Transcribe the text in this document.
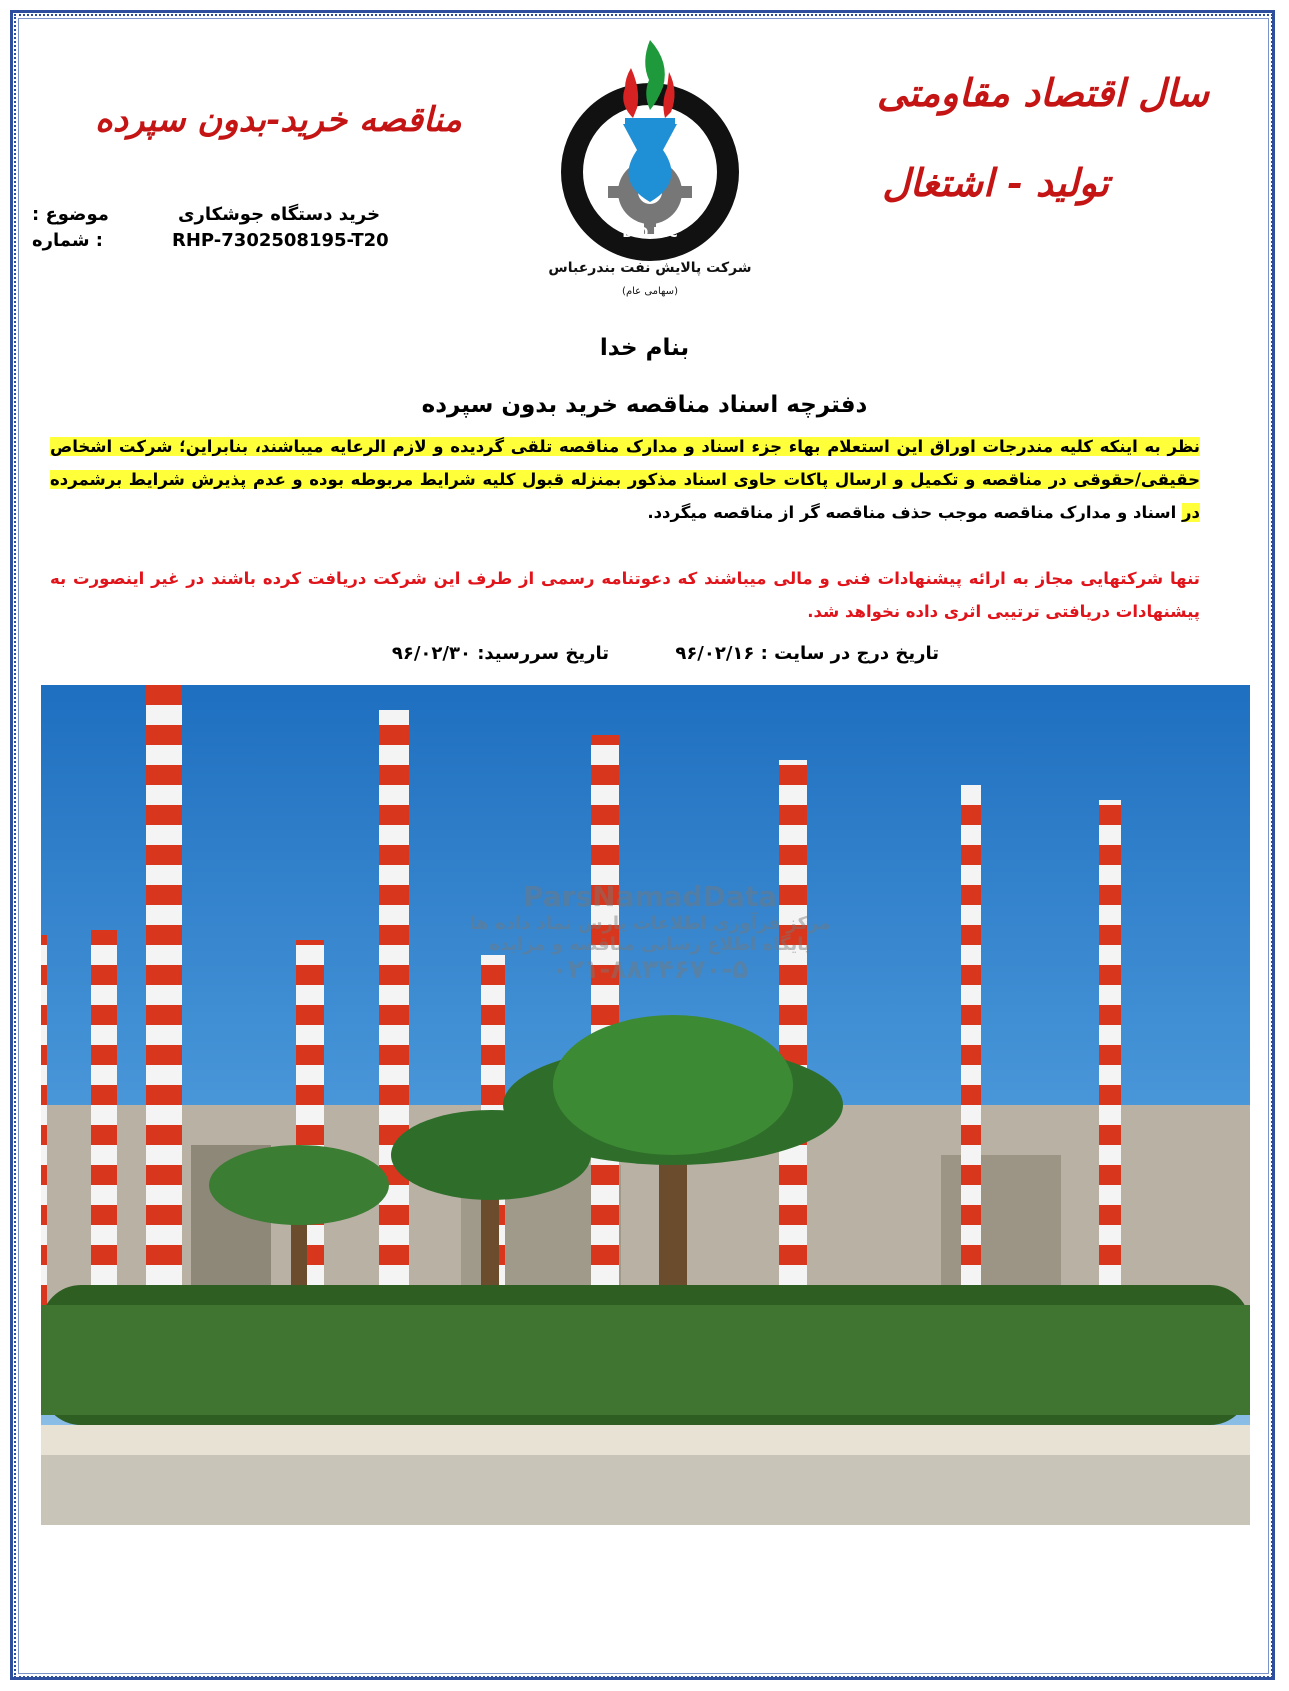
سال اقتصاد مقاومتی
تولید - اشتغال
مناقصه خرید-بدون سپرده
موضوع :
: شماره
خرید دستگاه جوشکاری
RHP-7302508195-T20	B.O.R.C
شرکت پالایش نفت بندرعباس
(سهامی عام)
بنام خدا
دفترچه اسناد مناقصه خرید بدون سپرده
نظر به اینکه کلیه مندرجات اوراق این استعلام بهاء جزء اسناد و مدارک مناقصه تلقی گردیده و لازم الرعایه میباشند، بنابراین؛ شرکت اشخاص حقیقی/حقوقی در مناقصه و تکمیل و ارسال پاکات حاوی اسناد مذکور بمنزله قبول کلیه شرایط مربوطه بوده و عدم پذیرش شرایط برشمرده در اسناد و مدارک مناقصه موجب حذف مناقصه گر از مناقصه میگردد.
تنها شرکتهایی مجاز به ارائه پیشنهادات فنی و مالی میباشند که دعوتنامه رسمی از طرف این شرکت دریافت کرده باشند در غیر اینصورت به پیشنهادات دریافتی ترتیبی اثری داده نخواهد شد.
تاریخ درج در سایت : ۹۶/۰۲/۱۶
تاریخ سررسید: ۹۶/۰۲/۳۰
ParsNamadData
مرکز فرآوری اطلاعات پارس نماد داده ها
پایگاه اطلاع رسانی مناقصه و مزایده
۰۲۱-۸۸۳۴۶۷۰-۵
